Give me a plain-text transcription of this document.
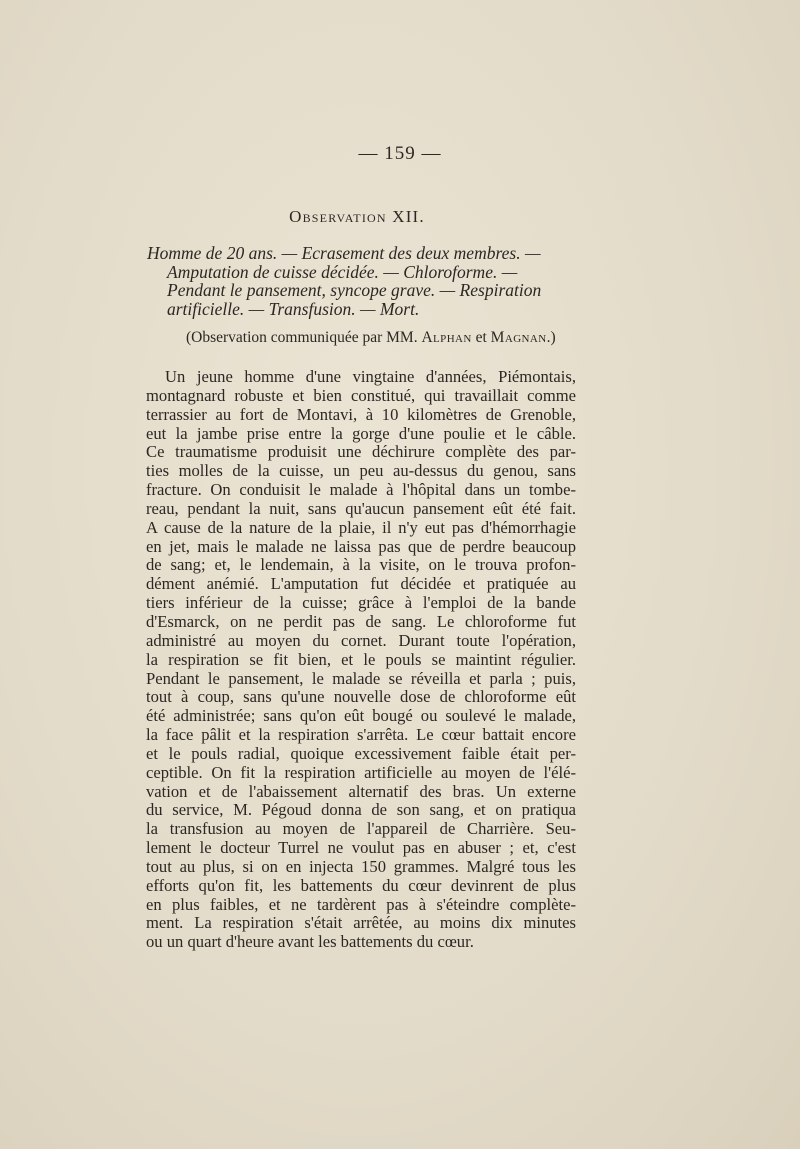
— 159 —
Observation XII.
Homme de 20 ans. — Ecrasement des deux membres. —
Amputation de cuisse décidée. — Chloroforme. —
Pendant le pansement, syncope grave. — Respiration
artificielle. — Transfusion. — Mort.
(Observation communiquée par MM. Alphan et Magnan.)
Un jeune homme d'une vingtaine d'années, Piémontais,
montagnard robuste et bien constitué, qui travaillait comme
terrassier au fort de Montavi, à 10 kilomètres de Grenoble,
eut la jambe prise entre la gorge d'une poulie et le câble.
Ce traumatisme produisit une déchirure complète des par-
ties molles de la cuisse, un peu au-dessus du genou, sans
fracture. On conduisit le malade à l'hôpital dans un tombe-
reau, pendant la nuit, sans qu'aucun pansement eût été fait.
A cause de la nature de la plaie, il n'y eut pas d'hémorrhagie
en jet, mais le malade ne laissa pas que de perdre beaucoup
de sang; et, le lendemain, à la visite, on le trouva profon-
dément anémié. L'amputation fut décidée et pratiquée au
tiers inférieur de la cuisse; grâce à l'emploi de la bande
d'Esmarck, on ne perdit pas de sang. Le chloroforme fut
administré au moyen du cornet. Durant toute l'opération,
la respiration se fit bien, et le pouls se maintint régulier.
Pendant le pansement, le malade se réveilla et parla ; puis,
tout à coup, sans qu'une nouvelle dose de chloroforme eût
été administrée; sans qu'on eût bougé ou soulevé le malade,
la face pâlit et la respiration s'arrêta. Le cœur battait encore
et le pouls radial, quoique excessivement faible était per-
ceptible. On fit la respiration artificielle au moyen de l'élé-
vation et de l'abaissement alternatif des bras. Un externe
du service, M. Pégoud donna de son sang, et on pratiqua
la transfusion au moyen de l'appareil de Charrière. Seu-
lement le docteur Turrel ne voulut pas en abuser ; et, c'est
tout au plus, si on en injecta 150 grammes. Malgré tous les
efforts qu'on fit, les battements du cœur devinrent de plus
en plus faibles, et ne tardèrent pas à s'éteindre complète-
ment. La respiration s'était arrêtée, au moins dix minutes
ou un quart d'heure avant les battements du cœur.
